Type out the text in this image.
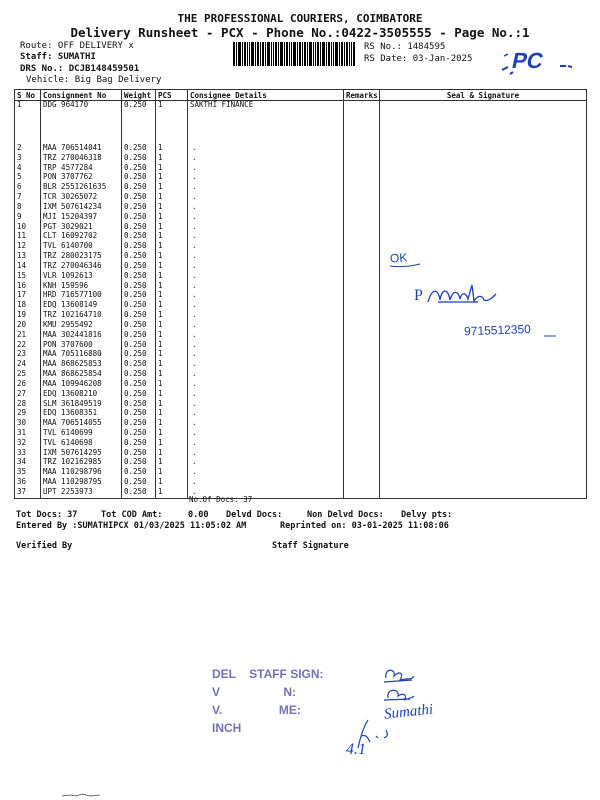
THE PROFESSIONAL COURIERS, COIMBATORE
Delivery Runsheet - PCX - Phone No.:0422-3505555 - Page No.:1
Route: OFF DELIVERY x
Staff: SUMATHI
DRS No.: DCJB148459501
Vehicle: Big Bag Delivery
RS No.: 1484595
RS Date: 03-Jan-2025 PC
S No	Consignment No	Weight	PCS	Consignee Details	Remarks	Seal & Signature
1	DDG 964170	0.250	1	SAKTHI FINANCE		
2	MAA 706514041	0.250	1	.		
3	TRZ 270046318	0.250	1	.		
4	TRP 4577284	0.250	1	.		
5	PON 3707762	0.250	1	.		
6	BLR 2551261635	0.250	1	.		
7	TCR 30265072	0.250	1	.		
8	IXM 507614234	0.250	1	.		
9	MJI 15204397	0.250	1	.		
10	PGT 3029021	0.250	1	.		
11	CLT 16092702	0.250	1	.		
12	TVL 6140700	0.250	1	.		
13	TRZ 280023175	0.250	1	.		
14	TRZ 270046346	0.250	1	.		
15	VLR 1092613	0.250	1	.		
16	KNH 159596	0.250	1	.		
17	HRD 716577100	0.250	1	.		
18	EDQ 13608149	0.250	1	.		
19	TRZ 102164710	0.250	1	.		
20	KMU 2955492	0.250	1	.		
21	MAA 302441816	0.250	1	.		
22	PON 3707600	0.250	1	.		
23	MAA 705116880	0.250	1	.		
24	MAA 868625853	0.250	1	.		
25	MAA 868625854	0.250	1	.		
26	MAA 109946208	0.250	1	.		
27	EDQ 13608210	0.250	1	.		
28	SLM 361849519	0.250	1	.		
29	EDQ 13608351	0.250	1	.		
30	MAA 706514055	0.250	1	.		
31	TVL 6140699	0.250	1	.		
32	TVL 6140698	0.250	1	.		
33	IXM 507614295	0.250	1	.		
34	TRZ 102162985	0.250	1	.		
35	MAA 110298796	0.250	1	.		
36	MAA 110298795	0.250	1	.		
37	UPT 2253973	0.250	1	.		
No.Of Docs: 37
OK
P
9715512350
Tot Docs: 37	Tot COD Amt:     0.00 Delvd Docs:	Non Delvd Docs: Delvy pts:
Entered By :SUMATHIPCX 01/03/2025 11:05:02 AM	Reprinted on: 03-01-2025 11:08:06
Verified By	Staff Signature
DEL    STAFF SIGN:
V                   N:
V.                 ME:
INCH
Sumathi
4.1
